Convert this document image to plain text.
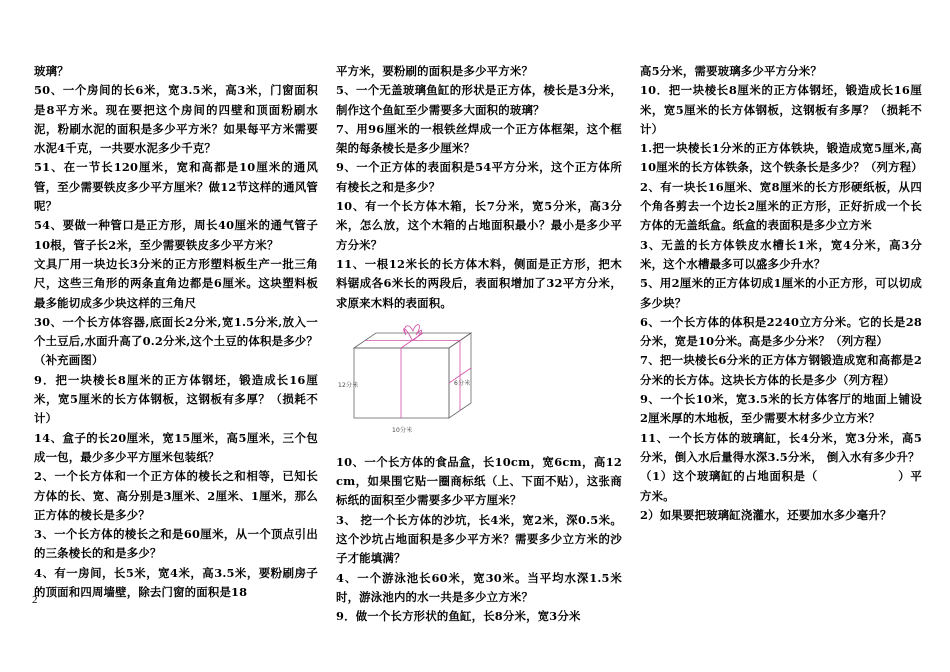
玻璃？

50、一个房间的长6米，宽3.5米，高3米，门窗面积是8平方米。现在要把这个房间的四壁和顶面粉刷水泥，粉刷水泥的面积是多少平方米？如果每平方米需要水泥4千克，一共要水泥多少千克？

51、在一节长120厘米，宽和高都是10厘米的通风管，至少需要铁皮多少平方厘米？做12节这样的通风管呢？

54、要做一种管口是正方形，周长40厘米的通气管子10根，管子长2米，至少需要铁皮多少平方米？

文具厂用一块边长3分米的正方形塑料板生产一批三角尺，这些三角形的两条直角边都是6厘米。这块塑料板最多能切成多少块这样的三角尺

30、一个长方体容器,底面长2分米,宽1.5分米,放入一个土豆后,水面升高了0.2分米,这个土豆的体积是多少？（补充画图）

9．把一块棱长8厘米的正方体钢坯，锻造成长16厘米，宽5厘米的长方体钢板，这钢板有多厚？（损耗不计）

14、盒子的长20厘米，宽15厘米，高5厘米，三个包成一包，最少多少平方厘米包装纸？

2、一个长方体和一个正方体的棱长之和相等，已知长方体的长、宽、高分别是3厘米、2厘米、1厘米，那么正方体的棱长是多少？

3、一个长方体的棱长之和是60厘米，从一个顶点引出的三条棱长的和是多少？

4、有一房间，长5米，宽4米，高3.5米，要粉刷房子的顶面和四周墙壁，除去门窗的面积是18

平方米，要粉刷的面积是多少平方米？

5、一个无盖玻璃鱼缸的形状是正方体，棱长是3分米，制作这个鱼缸至少需要多大面积的玻璃？

7、用96厘米的一根铁丝焊成一个正方体框架，这个框架的每条棱长是多少厘米？

9、一个正方体的表面积是54平方分米，这个正方体所有棱长之和是多少？

10、有一个长方体木箱，长7分米，宽5分米，高3分米，怎么放，这个木箱的占地面积最小？最小是多少平方分米？

11、一根12米长的长方体木料，侧面是正方形，把木料锯成各6米长的两段后，表面积增加了32平方分米，求原来木料的表面积。

12分米	6分米
10分米

10、一个长方体的食品盒，长10cm，宽6cm，高12 cm，如果围它贴一圈商标纸（上、下面不贴），这张商标纸的面积至少需要多少平方厘米？

3、 挖一个长方体的沙坑，长4米，宽2米，深0.5米。这个沙坑占地面积是多少平方米？需要多少立方米的沙子才能填满？

4、一个游泳池长60米，宽30米。当平均水深1.5米时，游泳池内的水一共是多少立方米？

9．做一个长方形状的鱼缸，长8分米，宽3分米

高5分米，需要玻璃多少平方分米？

10．把一块棱长8厘米的正方体钢坯，锻造成长16厘米，宽5厘米的长方体钢板，这钢板有多厚？（损耗不计）

1.把一块棱长1分米的正方体铁块，锻造成宽5厘米,高10厘米的长方体铁条，这个铁条长是多少？（列方程）

2、有一块长16厘米、宽8厘米的长方形硬纸板，从四个角各剪去一个边长2厘米的正方形，正好折成一个长方体的无盖纸盒。纸盒的表面积是多少立方米

3、无盖的长方体铁皮水槽长1米，宽4分米，高3分米，这个水槽最多可以盛多少升水？

5、用2厘米的正方体切成1厘米的小正方形，可以切成多少块？

6、一个长方体的体积是2240立方分米。它的长是28分米，宽是10分米。高是多少分米？（列方程）

7、把一块棱长6分米的正方体方钢锻造成宽和高都是2分米的长方体。这块长方体的长是多少（列方程）

9、一个长10米，宽3.5米的长方体客厅的地面上铺设2厘米厚的木地板，至少需要木材多少立方米？

11、一个长方体的玻璃缸，长4分米，宽3分米，高5分米，倒入水后量得水深3.5分米， 倒入水有多少升？

（1）这个玻璃缸的占地面积是（	）平方米。

2）如果要把玻璃缸浇灌水，还要加水多少毫升？

2
